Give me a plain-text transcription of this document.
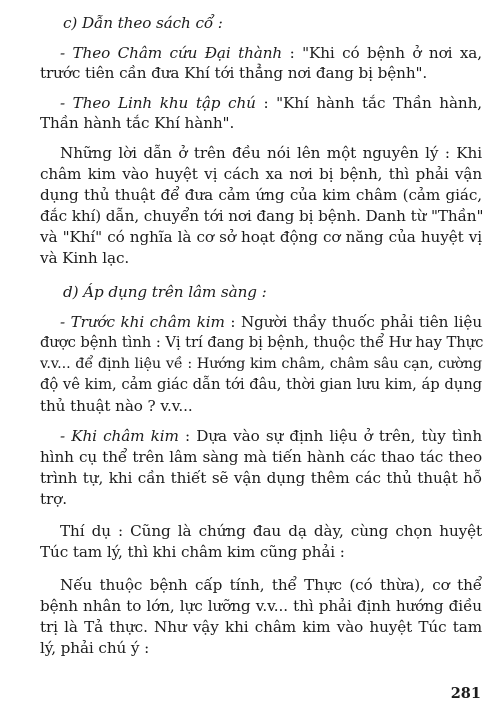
c) Dẫn theo sách cổ :
- Theo Châm cứu Đại thành : "Khi có bệnh ở nơi xa,
trước tiên cần đưa Khí tới thẳng nơi đang bị bệnh".
- Theo Linh khu tập chú : "Khí hành tắc Thần hành,
Thần hành tắc Khí hành".
Những lời dẫn ở trên đều nói lên một nguyên lý : Khi
châm kim vào huyệt vị cách xa nơi bị bệnh, thì phải vận
dụng thủ thuật để đưa cảm ứng của kim châm (cảm giác,
đắc khí) dẫn, chuyển tới nơi đang bị bệnh. Danh từ "Thần"
và "Khí" có nghĩa là cơ sở hoạt động cơ năng của huyệt vị
và Kinh lạc.
d) Áp dụng trên lâm sàng :
- Trước khi châm kim : Người thầy thuốc phải tiên liệu
được bệnh tình : Vị trí đang bị bệnh, thuộc thể Hư hay Thực
v.v... để định liệu về : Hướng kim châm, châm sâu cạn, cường
độ vê kim, cảm giác dẫn tới đâu, thời gian lưu kim, áp dụng
thủ thuật nào ? v.v...
- Khi châm kim : Dựa vào sự định liệu ở trên, tùy tình
hình cụ thể trên lâm sàng mà tiến hành các thao tác theo
trình tự, khi cần thiết sẽ vận dụng thêm các thủ thuật hỗ
trợ.
Thí dụ : Cũng là chứng đau dạ dày, cùng chọn huyệt
Túc tam lý, thì khi châm kim cũng phải :
Nếu thuộc bệnh cấp tính, thể Thực (có thừa), cơ thể
bệnh nhân to lớn, lực lưỡng v.v... thì phải định hướng điều
trị là Tả thực. Như vậy khi châm kim vào huyệt Túc tam
lý, phải chú ý :
281
